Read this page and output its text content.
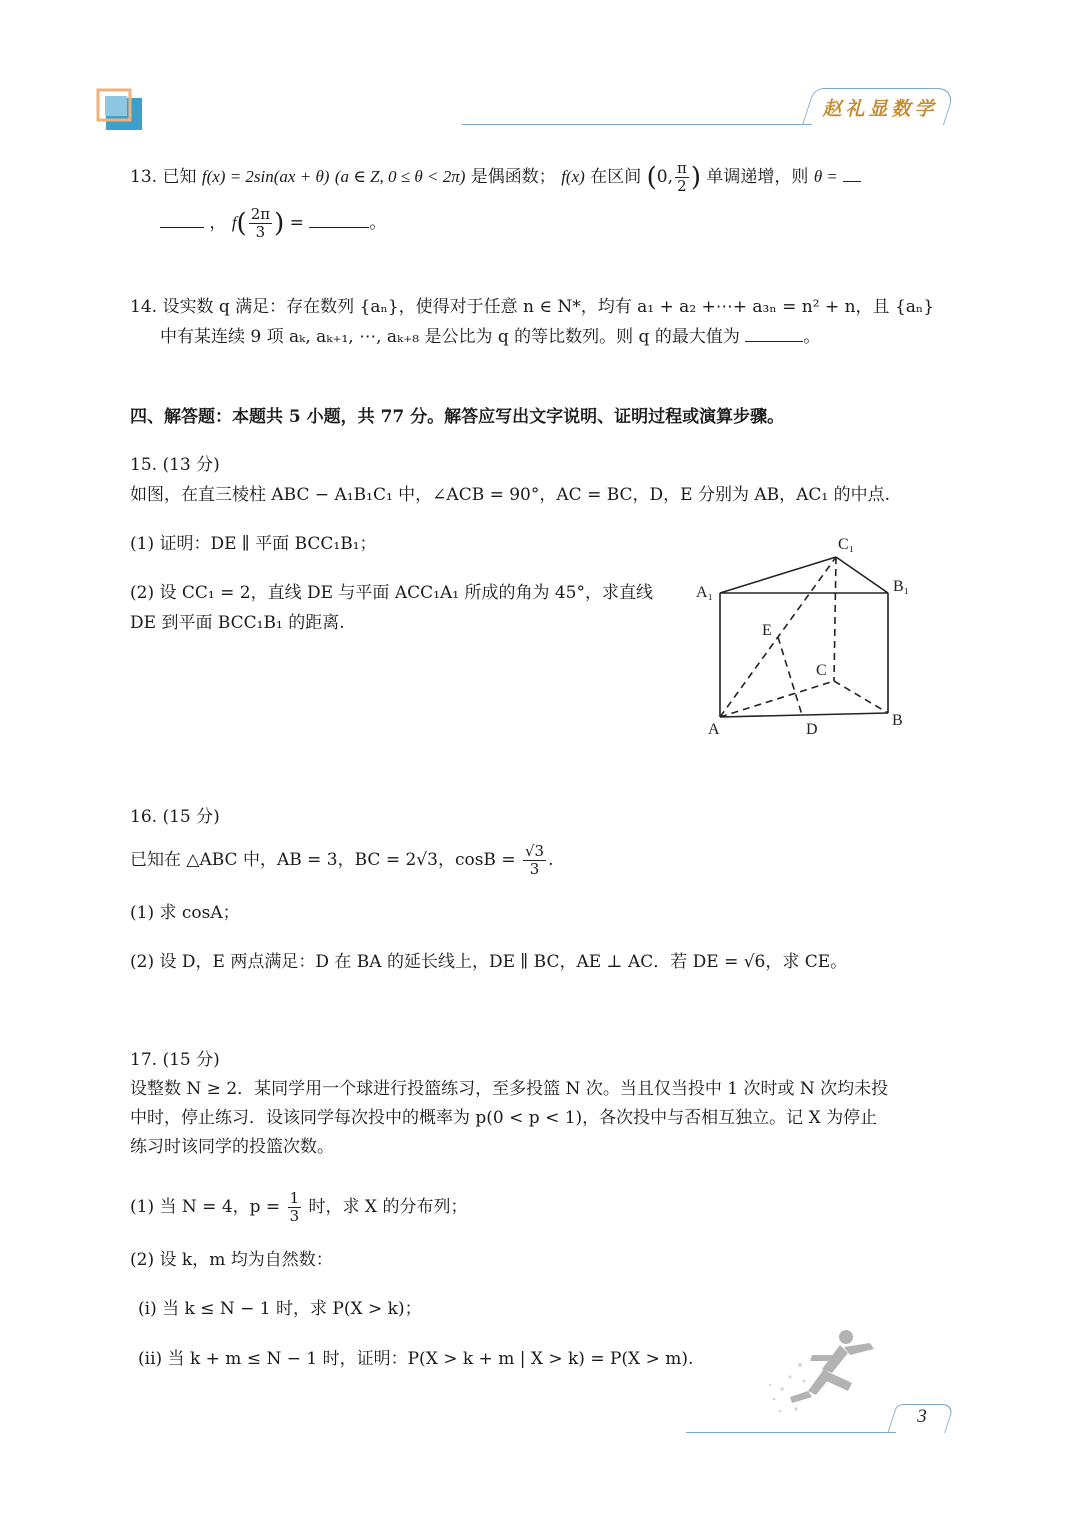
赵礼显数学
13. 已知 f(x) = 2sin(ax + θ) (a ∈ Z, 0 ≤ θ < 2π) 是偶函数； f(x) 在区间 (0, $\frac{\pi}{2}$ ) 单调递增，则 θ =
， $f( \frac{2\pi}{3}$ ) =	。
14. 设实数 q 满足：存在数列 {aₙ}，使得对于任意 n ∈ N*，均有 a₁ + a₂ +⋯+ a₃ₙ = n² + n，且 {aₙ}
中有某连续 9 项 aₖ, aₖ₊₁, ⋯, aₖ₊₈ 是公比为 q 的等比数列。则 q 的最大值为	。
四、解答题：本题共 5 小题，共 77 分。解答应写出文字说明、证明过程或演算步骤。
15. (13 分)
如图，在直三棱柱 ABC − A₁B₁C₁ 中，∠ACB = 90°，AC = BC，D，E 分别为 AB，AC₁ 的中点.
(1) 证明：DE ∥ 平面 BCC₁B₁；
(2) 设 CC₁ = 2，直线 DE 与平面 ACC₁A₁ 所成的角为 45°，求直线
DE 到平面 BCC₁B₁ 的距离.
C₁
A₁	B₁
E
C
A	D
B
16. (15 分)
已知在 △ABC 中，AB = 3，BC = 2√3，$\cos B = \frac{√3}{3}$ .
(1) 求 cosA；
(2) 设 D，E 两点满足：D 在 BA 的延长线上，DE ∥ BC，AE ⊥ AC．若 DE = √6，求 CE。
17. (15 分)
设整数 N ≥ 2．某同学用一个球进行投篮练习，至多投篮 N 次。当且仅当投中 1 次时或 N 次均未投
中时，停止练习．设该同学每次投中的概率为 p(0 < p < 1)，各次投中与否相互独立。记 X 为停止
练习时该同学的投篮次数。
(1) 当 N = 4，$p = \frac{1}{3}$ 时，求 X 的分布列；
(2) 设 k，m 均为自然数：
(i) 当 k ≤ N − 1 时，求 P(X > k)；
(ii) 当 k + m ≤ N − 1 时，证明：P(X > k + m | X > k) = P(X > m).
3
